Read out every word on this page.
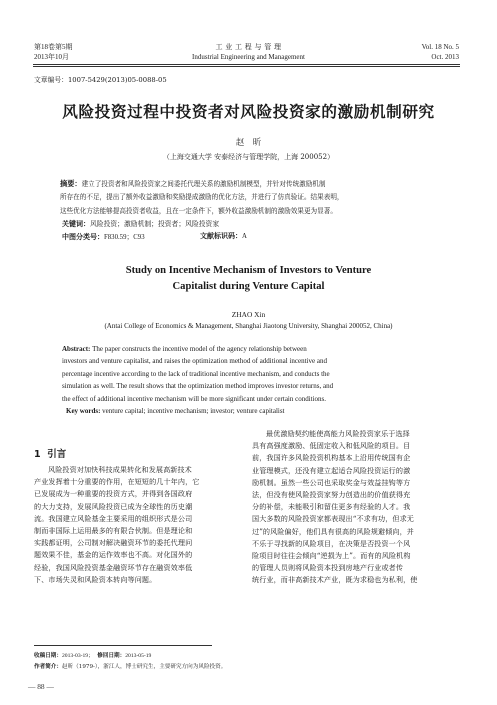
第18卷第5期
2013年10月
工 业 工 程 与 管 理
Industrial Engineering and Management
Vol. 18 No. 5
Oct. 2013
文章编号：1007-5429(2013)05-0088-05
风险投资过程中投资者对风险投资家的激励机制研究
赵　昕
（上海交通大学 安泰经济与管理学院，上海 200052）
摘要：建立了投资者和风险投资家之间委托代理关系的激励机制模型，并针对传统激励机制
所存在的不足，提出了额外收益激励和奖励提成激励的优化方法，并进行了仿真验证。结果表明，
这些优化方法能够提高投资者收益，且在一定条件下，额外收益激励机制的激励效果更为显著。
关键词：风险投资；激励机制；投资者；风险投资家
中图分类号：F830.59；C93	文献标识码：A
Study on Incentive Mechanism of Investors to Venture
Capitalist during Venture Capital
ZHAO Xin
(Antai College of Economics & Management, Shanghai Jiaotong University, Shanghai 200052, China)
Abstract: The paper constructs the incentive model of the agency relationship between
investors and venture capitalist, and raises the optimization method of additional incentive and
percentage incentive according to the lack of traditional incentive mechanism, and conducts the
simulation as well. The result shows that the optimization method improves investor returns, and
the effect of additional incentive mechanism will be more significant under certain conditions.
Key words: venture capital; incentive mechanism; investor; venture capitalist
1 引言
风险投资对加快科技成果转化和发展高新技术
产业发挥着十分重要的作用，在短短的几十年内，它
已发展成为一种重要的投资方式，并得到各国政府
的大力支持，发展风险投资已成为全球性的历史潮
流。我国建立风险基金主要采用的组织形式是公司
制而非国际上运用最多的有限合伙制。但是理论和
实践都证明，公司制对解决融资环节的委托代理问
题效果不佳，基金的运作效率也不高。对化国外的
经验，我国风险投资基金融资环节存在融资效率低
下、市场失灵和风险资本转向等问题。
最优激励契约能使高能力风险投资家乐于选择
具有高强度激励、低固定收入和低风险的项目。目
前，我国许多风险投资机构基本上沿用传统国有企
业管理模式，还没有建立起适合风险投资运行的激
励机制。虽然一些公司也采取奖金与效益挂钩等方
法，但没有使风险投资家努力创造出的价值获得充
分的补偿，未能吸引和留住更多有经验的人才。我
国大多数的风险投资家都表现出“不求有功，但求无
过”的风险偏好，他们具有很高的风险规避倾向，并
不乐于寻找新的风险项目，在决策是否投资一个风
险项目时往往会倾向“逆损为上”。而有的风险机构
的管理人员则将风险资本投到房地产行业或者传
统行业，而非高新技术产业，既为求稳也为私利，使
收稿日期：2013-03-19； 修回日期：2013-05-19
作者简介：赵昕（1979-），浙江人，博士研究生，主要研究方向为风险投资。
— 88 —
